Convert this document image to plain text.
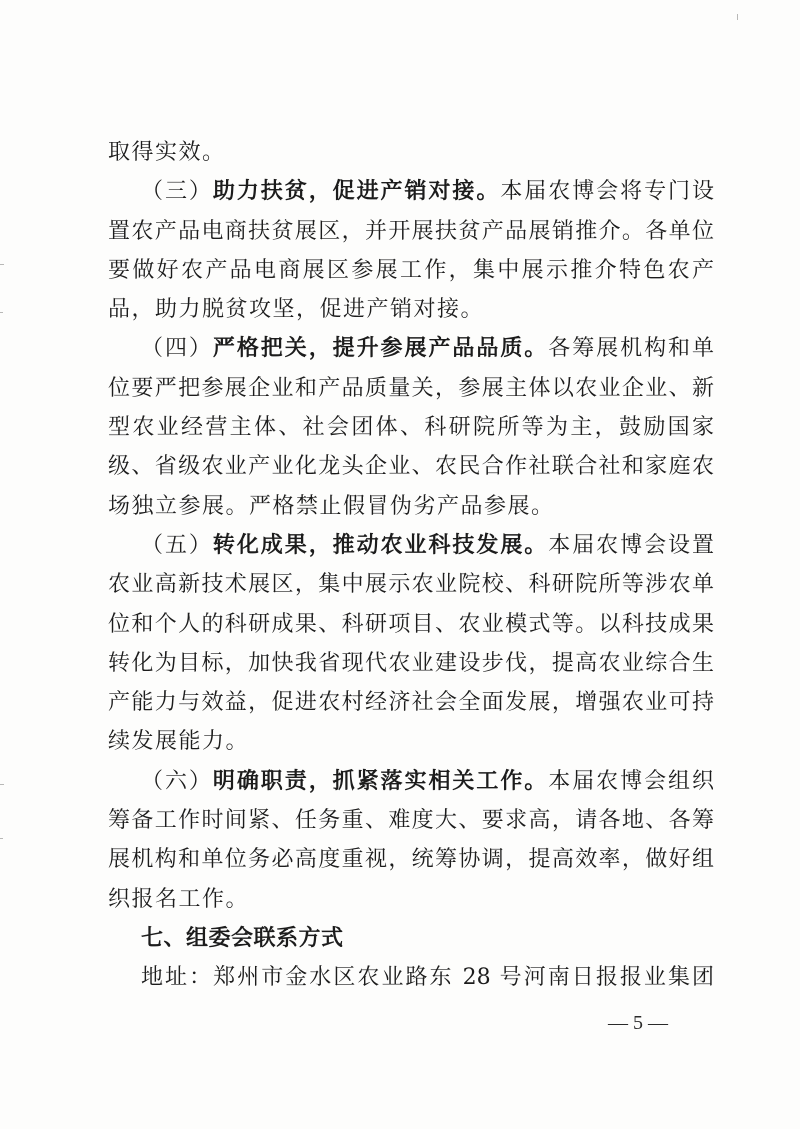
取得实效。
（三）助力扶贫，促进产销对接。本届农博会将专门设
置农产品电商扶贫展区，并开展扶贫产品展销推介。各单位
要做好农产品电商展区参展工作，集中展示推介特色农产
品，助力脱贫攻坚，促进产销对接。
（四）严格把关，提升参展产品品质。各筹展机构和单
位要严把参展企业和产品质量关，参展主体以农业企业、新
型农业经营主体、社会团体、科研院所等为主，鼓励国家
级、省级农业产业化龙头企业、农民合作社联合社和家庭农
场独立参展。严格禁止假冒伪劣产品参展。
（五）转化成果，推动农业科技发展。本届农博会设置
农业高新技术展区，集中展示农业院校、科研院所等涉农单
位和个人的科研成果、科研项目、农业模式等。以科技成果
转化为目标，加快我省现代农业建设步伐，提高农业综合生
产能力与效益，促进农村经济社会全面发展，增强农业可持
续发展能力。
（六）明确职责，抓紧落实相关工作。本届农博会组织
筹备工作时间紧、任务重、难度大、要求高，请各地、各筹
展机构和单位务必高度重视，统筹协调，提高效率，做好组
织报名工作。
七、组委会联系方式
地址：郑州市金水区农业路东 28 号河南日报报业集团
— 5 —
